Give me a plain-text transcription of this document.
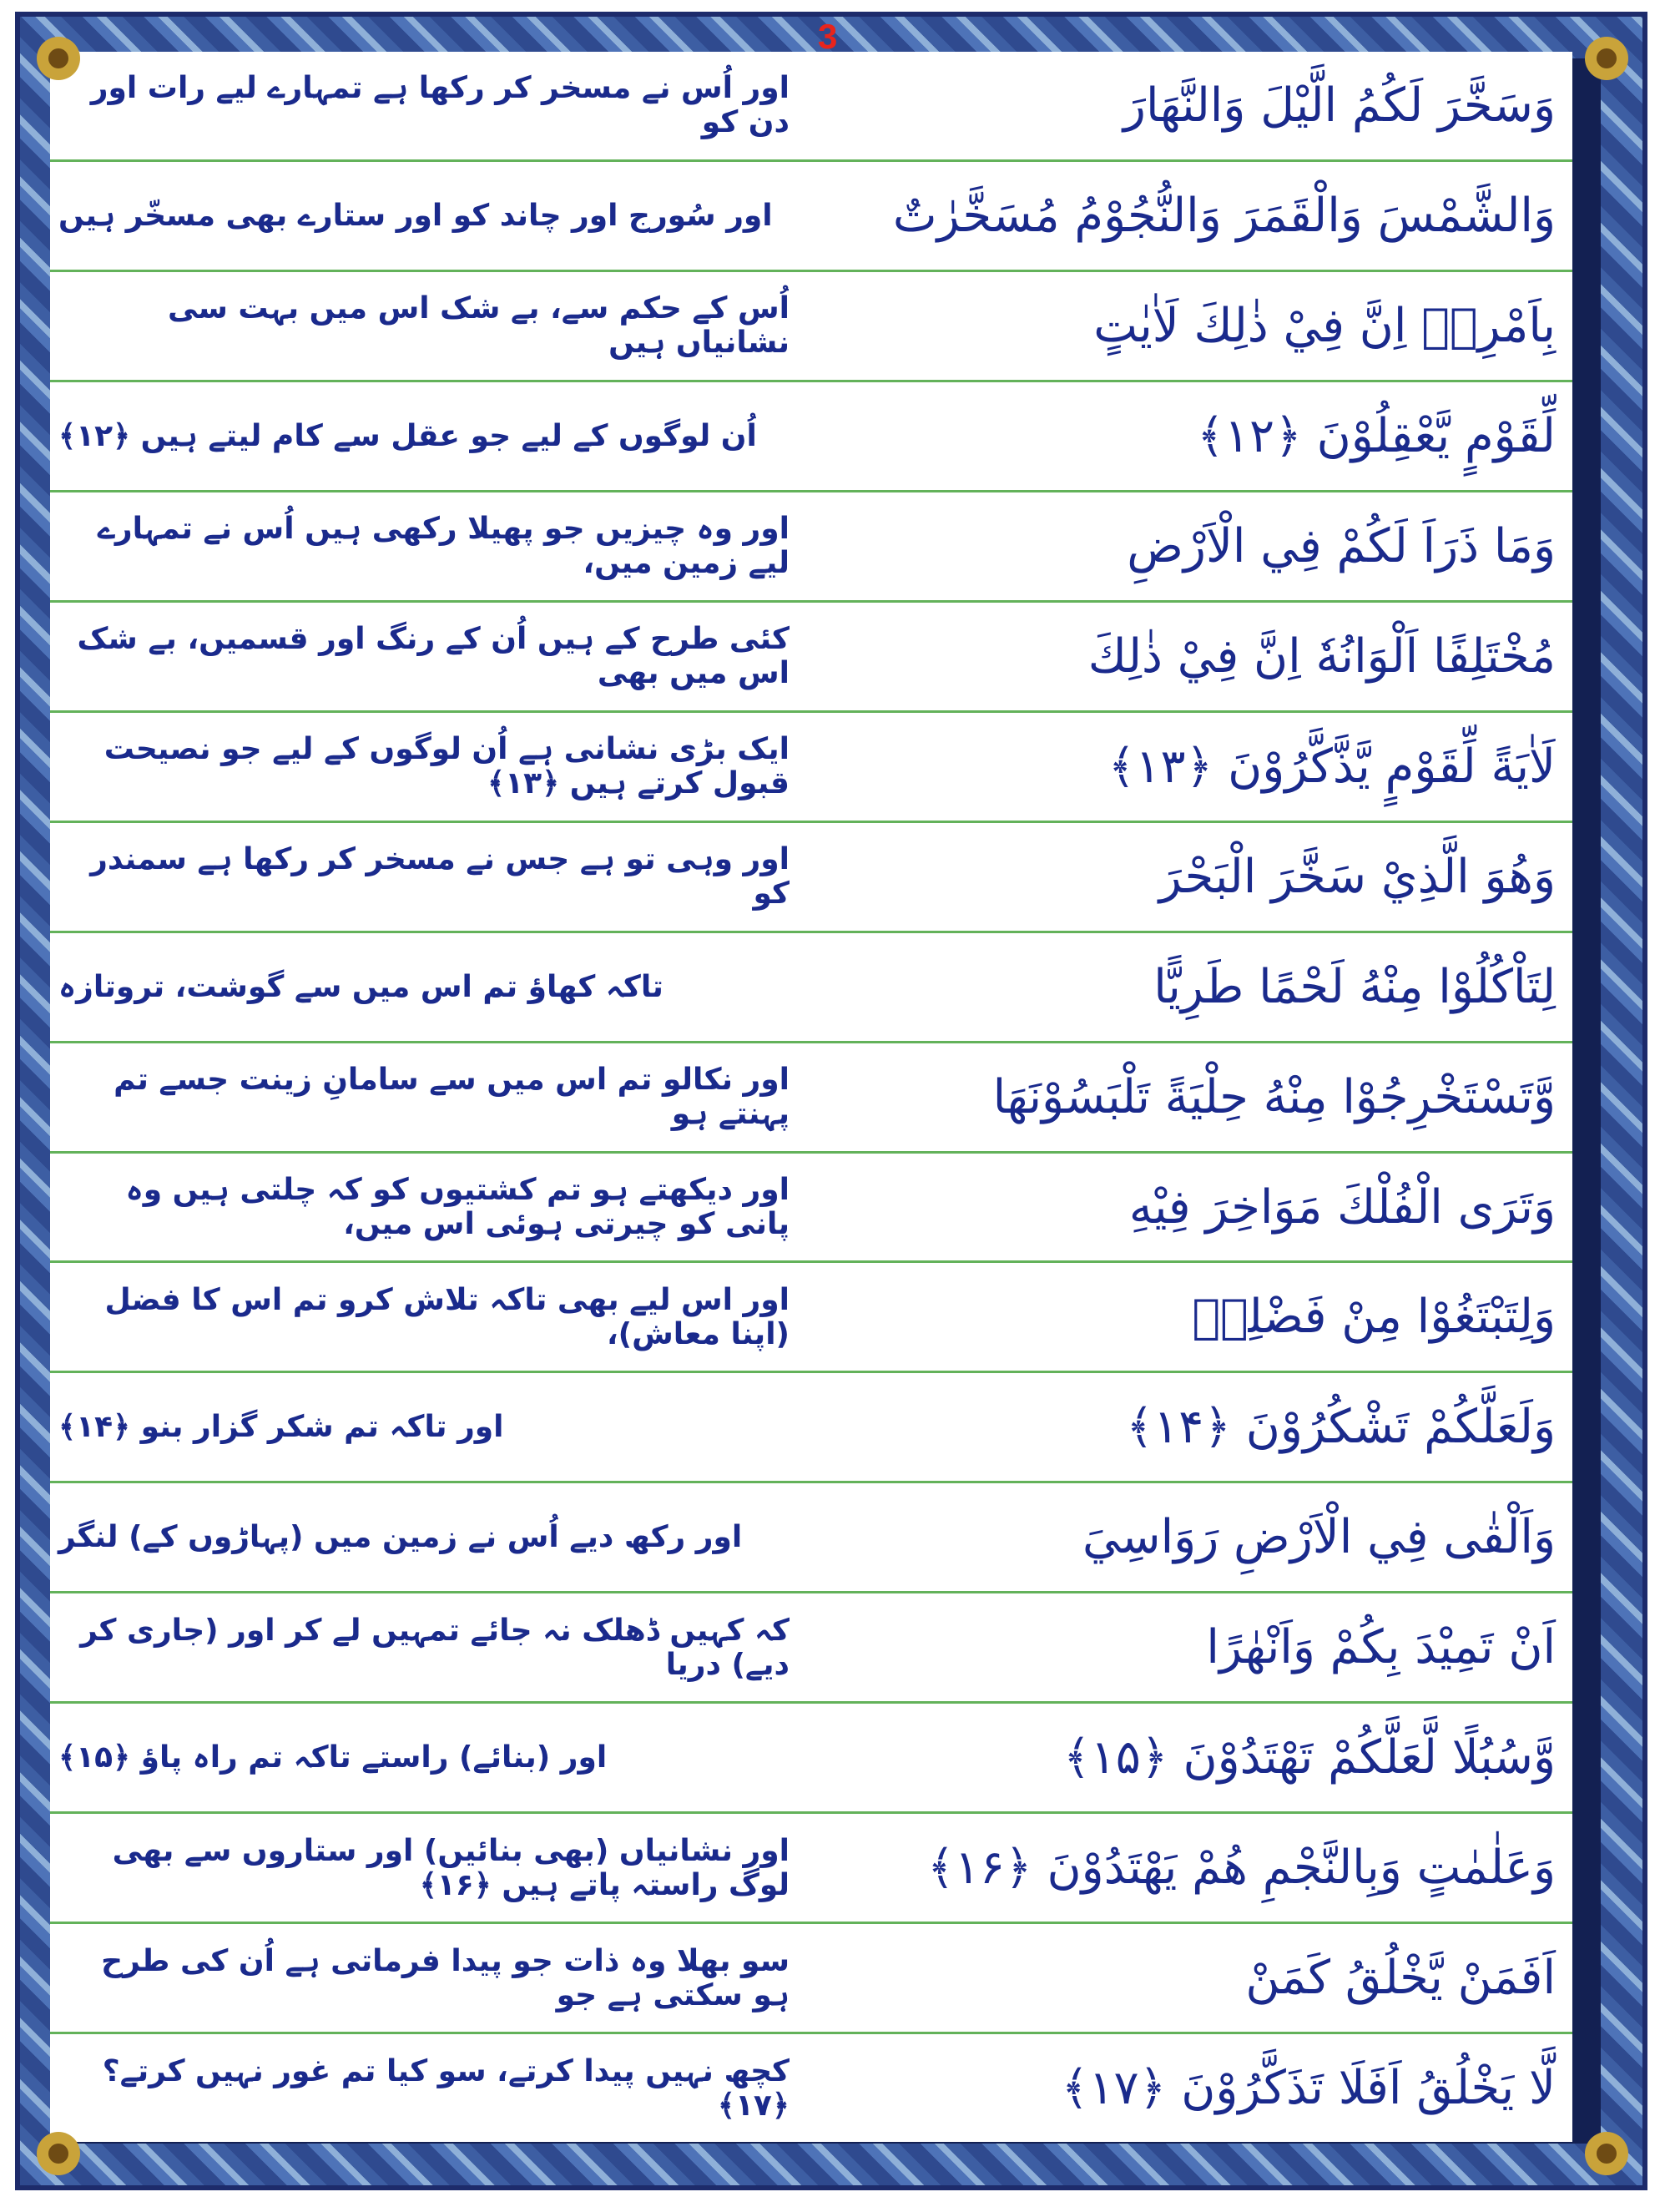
3
اور اُس نے مسخر کر رکھا ہے تمہارے لیے رات اور دن کو	وَسَخَّرَ لَكُمُ الَّيْلَ وَالنَّهَارَ
اور سُورج اور چاند کو اور ستارے بھی مسخّر ہیں	وَالشَّمْسَ وَالْقَمَرَ وَالنُّجُوْمُ مُسَخَّرٰتٌ
اُس کے حکم سے، بے شک اس میں بہت سی نشانیاں ہیں	بِاَمْرِهٖ اِنَّ فِيْ ذٰلِكَ لَاٰيٰتٍ
اُن لوگوں کے لیے جو عقل سے کام لیتے ہیں ﴿۱۲﴾	لِّقَوْمٍ يَّعْقِلُوْنَ ﴿۱۲﴾
اور وہ چیزیں جو پھیلا رکھی ہیں اُس نے تمہارے لیے زمین میں،	وَمَا ذَرَاَ لَكُمْ فِي الْاَرْضِ
کئی طرح کے ہیں اُن کے رنگ اور قسمیں، بے شک اس میں بھی	مُخْتَلِفًا اَلْوَانُهٗ اِنَّ فِيْ ذٰلِكَ
ایک بڑی نشانی ہے اُن لوگوں کے لیے جو نصیحت قبول کرتے ہیں ﴿۱۳﴾	لَاٰيَةً لِّقَوْمٍ يَّذَّكَّرُوْنَ ﴿۱۳﴾
اور وہی تو ہے جس نے مسخر کر رکھا ہے سمندر کو	وَهُوَ الَّذِيْ سَخَّرَ الْبَحْرَ
تاکہ کھاؤ تم اس میں سے گوشت، تروتازہ	لِتَاْكُلُوْا مِنْهُ لَحْمًا طَرِيًّا
اور نکالو تم اس میں سے سامانِ زینت جسے تم پہنتے ہو	وَّتَسْتَخْرِجُوْا مِنْهُ حِلْيَةً تَلْبَسُوْنَهَا
اور دیکھتے ہو تم کشتیوں کو کہ چلتی ہیں وہ پانی کو چیرتی ہوئی اس میں،	وَتَرَى الْفُلْكَ مَوَاخِرَ فِيْهِ
اور اس لیے بھی تاکہ تلاش کرو تم اس کا فضل (اپنا معاش)،	وَلِتَبْتَغُوْا مِنْ فَضْلِهٖ
اور تاکہ تم شکر گزار بنو ﴿۱۴﴾	وَلَعَلَّكُمْ تَشْكُرُوْنَ ﴿۱۴﴾
اور رکھ دیے اُس نے زمین میں (پہاڑوں کے) لنگر	وَاَلْقٰى فِي الْاَرْضِ رَوَاسِيَ
کہ کہیں ڈھلک نہ جائے تمہیں لے کر اور (جاری کر دیے) دریا	اَنْ تَمِيْدَ بِكُمْ وَاَنْهٰرًا
اور (بنائے) راستے تاکہ تم راہ پاؤ ﴿۱۵﴾	وَّسُبُلًا لَّعَلَّكُمْ تَهْتَدُوْنَ ﴿۱۵﴾
اور نشانیاں (بھی بنائیں) اور ستاروں سے بھی لوگ راستہ پاتے ہیں ﴿۱۶﴾	وَعَلٰمٰتٍ وَبِالنَّجْمِ هُمْ يَهْتَدُوْنَ ﴿۱۶﴾
سو بھلا وہ ذات جو پیدا فرماتی ہے اُن کی طرح ہو سکتی ہے جو	اَفَمَنْ يَّخْلُقُ كَمَنْ
کچھ نہیں پیدا کرتے، سو کیا تم غور نہیں کرتے؟ ﴿۱۷﴾	لَّا يَخْلُقُ اَفَلَا تَذَكَّرُوْنَ ﴿۱۷﴾
